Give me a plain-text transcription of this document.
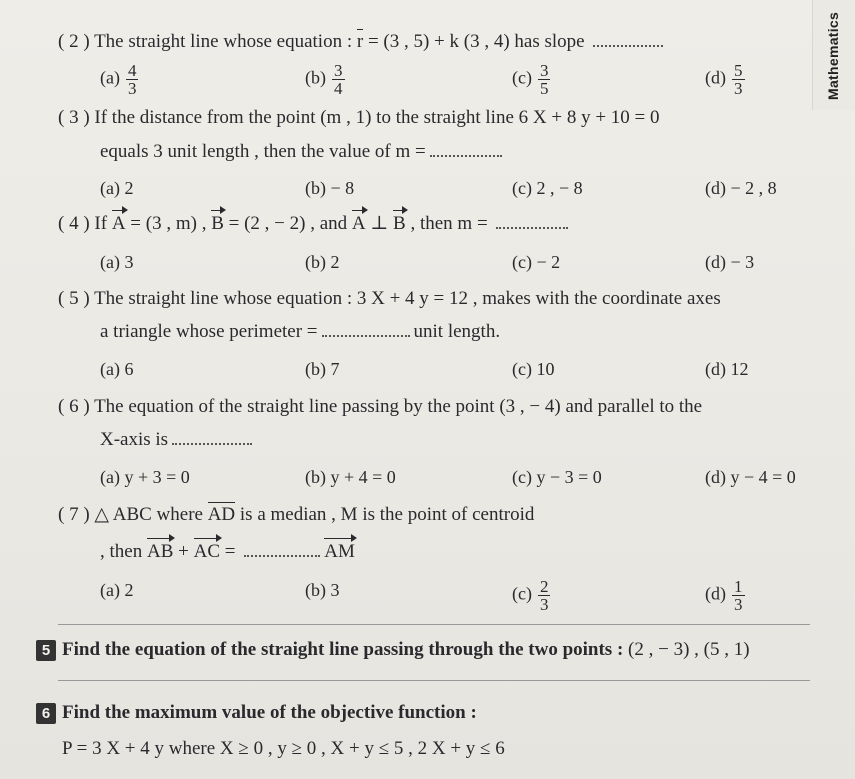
Mathematics
( 2 ) The straight line whose equation : r = (3 , 5) + k (3 , 4) has slope
$(a) \frac{4}{3}$	$(b) \frac{3}{4}$	$(c) \frac{3}{5}$	$(d) \frac{5}{3}$
( 3 ) If the distance from the point (m , 1) to the straight line 6 X + 8 y + 10 = 0
equals 3 unit length , then the value of m =
(a) 2	(b) − 8	(c) 2 , − 8	(d) − 2 , 8
( 4 ) If A = (3 , m) , B = (2 , − 2) , and A ⊥ B , then m =
(a) 3	(b) 2	(c) − 2	(d) − 3
( 5 ) The straight line whose equation : 3 X + 4 y = 12 , makes with the coordinate axes
a triangle whose perimeter =	unit length.
(a) 6	(b) 7	(c) 10	(d) 12
( 6 ) The equation of the straight line passing by the point (3 , − 4) and parallel to the
X-axis is
(a) y + 3 = 0	(b) y + 4 = 0	(c) y − 3 = 0	(d) y − 4 = 0
( 7 ) △ ABC where AD is a median , M is the point of centroid
, then AB + AC =	AM
(a) 2	(b) 3	$(c) \frac{2}{3}$	$(d) \frac{1}{3}$
5 Find the equation of the straight line passing through the two points : (2 , − 3) , (5 , 1)
6 Find the maximum value of the objective function :
P = 3 X + 4 y where X ≥ 0 , y ≥ 0 , X + y ≤ 5 , 2 X + y ≤ 6
